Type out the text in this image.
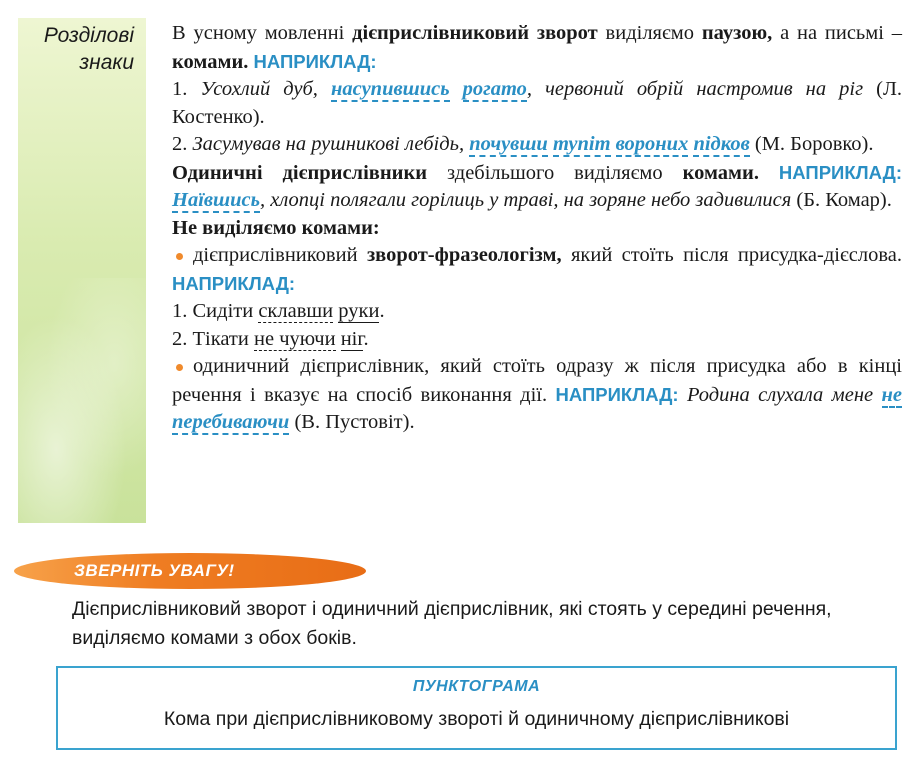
Розділові
знаки

В усному мовленні дієприслівниковий зворот виділяємо паузою, а на письмі – комами. НАПРИКЛАД:

1. Усохлий дуб, насупившись рогато, червоний обрій настромив на ріг (Л. Костенко).

2. Засумував на рушникові лебідь, почувши тупіт вороних підков (М. Боровко).

Одиничні дієприслівники здебільшого виділяємо комами. НАПРИКЛАД: Наївшись, хлопці полягали горілиць у траві, на зоряне небо задивилися (Б. Комар).

Не виділяємо комами:

дієприслівниковий зворот-фразеологізм, який стоїть після присудка-дієслова. НАПРИКЛАД:

1. Сидіти склавши руки.

2. Тікати не чуючи ніг.

одиничний дієприслівник, який стоїть одразу ж після присудка або в кінці речення і вказує на спосіб виконання дії. НАПРИКЛАД: Родина слухала мене не перебиваючи (В. Пустовіт).

ЗВЕРНІТЬ УВАГУ!
Дієприслівниковий зворот і одиничний дієприслівник, які стоять у середині речення, виділяємо комами з обох боків.
ПУНКТОГРАМА
Кома при дієприслівниковому звороті й одиничному дієприслівникові
